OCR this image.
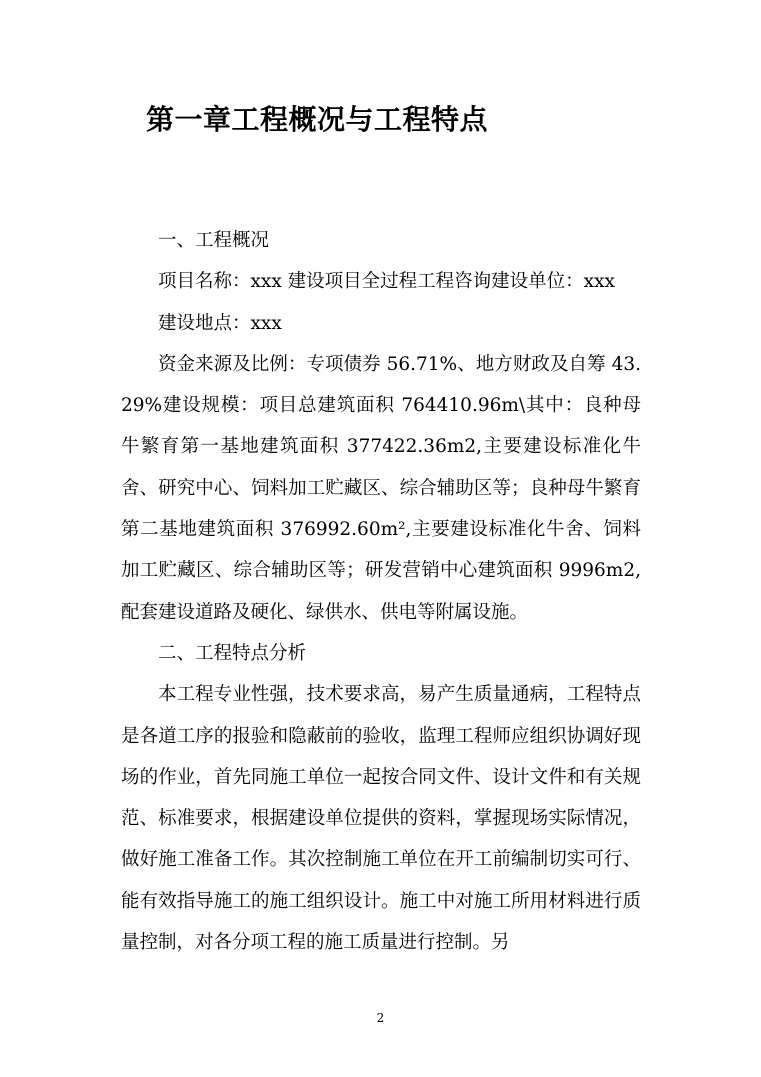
第一章工程概况与工程特点

一、工程概况

项目名称：xxx 建设项目全过程工程咨询建设单位：xxx

建设地点：xxx

资金来源及比例：专项债券 56.71%、地方财政及自筹 43.29%建设规模：项目总建筑面积 764410.96m\其中：良种母牛繁育第一基地建筑面积 377422.36m2,主要建设标准化牛舍、研究中心、饲料加工贮藏区、综合辅助区等；良种母牛繁育第二基地建筑面积 376992.60m²,主要建设标准化牛舍、饲料加工贮藏区、综合辅助区等；研发营销中心建筑面积 9996m2,配套建设道路及硬化、绿供水、供电等附属设施。

二、工程特点分析

本工程专业性强，技术要求高，易产生质量通病，工程特点是各道工序的报验和隐蔽前的验收，监理工程师应组织协调好现场的作业，首先同施工单位一起按合同文件、设计文件和有关规范、标准要求，根据建设单位提供的资料，掌握现场实际情况，做好施工准备工作。其次控制施工单位在开工前编制切实可行、能有效指导施工的施工组织设计。施工中对施工所用材料进行质量控制，对各分项工程的施工质量进行控制。另

2
